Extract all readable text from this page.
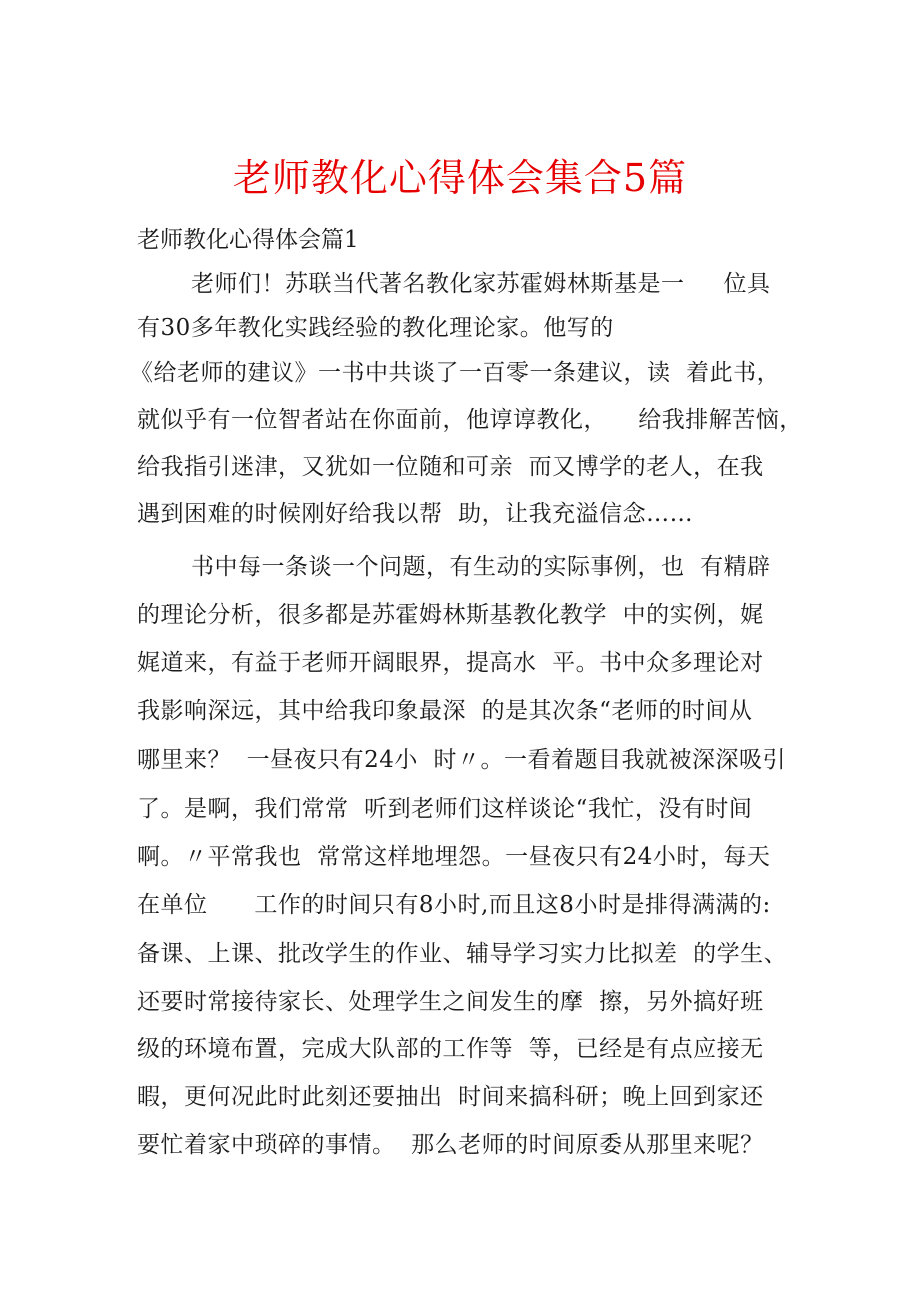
老师教化心得体会集合5篇
老师教化心得体会篇1
老师们！苏联当代著名教化家苏霍姆林斯基是一     位具
有30多年教化实践经验的教化理论家。他写的
《给老师的建议》一书中共谈了一百零一条建议，读  着此书，
就似乎有一位智者站在你面前，他谆谆教化，    给我排解苦恼，
给我指引迷津，又犹如一位随和可亲  而又博学的老人，在我
遇到困难的时候刚好给我以帮  助，让我充溢信念……
书中每一条谈一个问题，有生动的实际事例，也  有精辟
的理论分析，很多都是苏霍姆林斯基教化教学  中的实例，娓
娓道来，有益于老师开阔眼界，提高水  平。书中众多理论对
我影响深远，其中给我印象最深  的是其次条“老师的时间从
哪里来？  一昼夜只有24小  时〃。一看着题目我就被深深吸引
了。是啊，我们常常  听到老师们这样谈论“我忙，没有时间
啊。〃平常我也  常常这样地埋怨。一昼夜只有24小时，每天
在单位      工作的时间只有8小时,而且这8小时是排得满满的:
备课、上课、批改学生的作业、辅导学习实力比拟差  的学生、
还要时常接待家长、处理学生之间发生的摩  擦，另外搞好班
级的环境布置，完成大队部的工作等  等，已经是有点应接无
暇，更何况此时此刻还要抽出  时间来搞科研；晚上回到家还
要忙着家中琐碎的事情。  那么老师的时间原委从那里来呢？
